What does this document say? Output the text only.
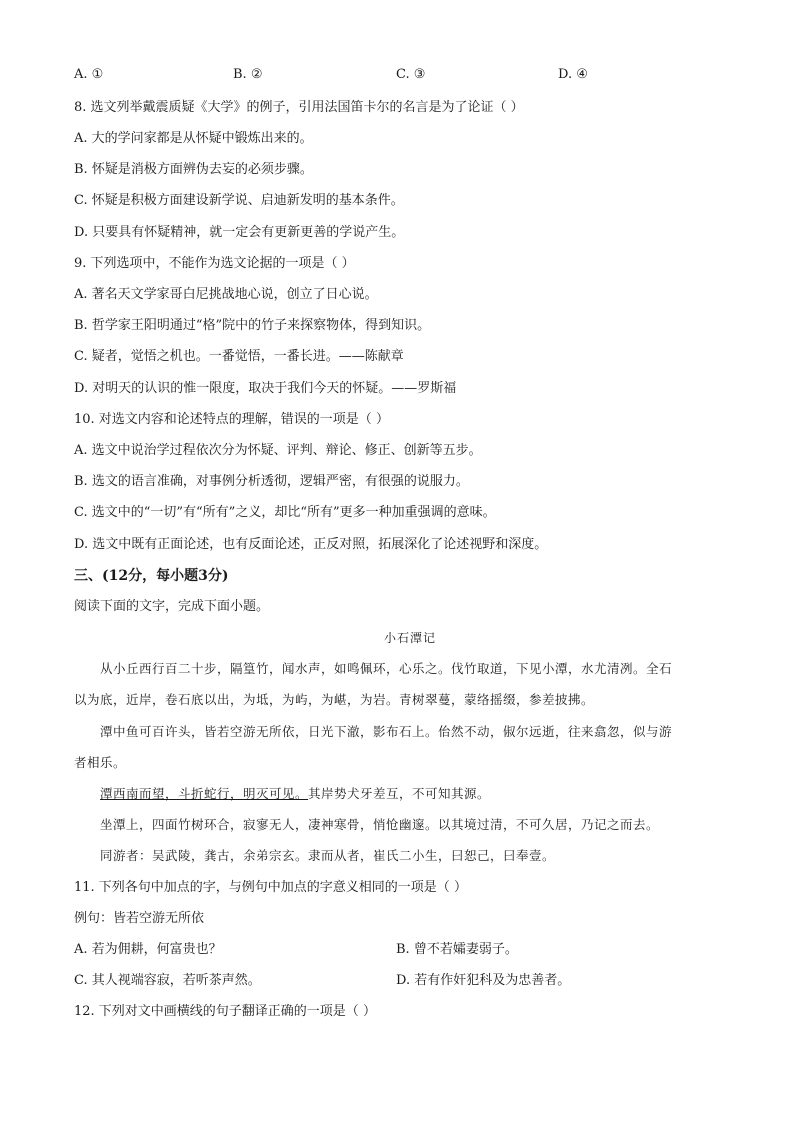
A. ①	B. ②	C. ③	D. ④
8. 选文列举戴震质疑《大学》的例子，引用法国笛卡尔的名言是为了论证（ ）
A. 大的学问家都是从怀疑中锻炼出来的。
B. 怀疑是消极方面辨伪去妄的必须步骤。
C. 怀疑是积极方面建设新学说、启迪新发明的基本条件。
D. 只要具有怀疑精神，就一定会有更新更善的学说产生。
9. 下列选项中，不能作为选文论据的一项是（ ）
A. 著名天文学家哥白尼挑战地心说，创立了日心说。
B. 哲学家王阳明通过“格”院中的竹子来探察物体，得到知识。
C. 疑者，觉悟之机也。一番觉悟，一番长进。——陈献章
D. 对明天的认识的惟一限度，取决于我们今天的怀疑。——罗斯福
10. 对选文内容和论述特点的理解，错误的一项是（ ）
A. 选文中说治学过程依次分为怀疑、评判、辩论、修正、创新等五步。
B. 选文的语言准确，对事例分析透彻，逻辑严密，有很强的说服力。
C. 选文中的“一切”有“所有”之义，却比“所有”更多一种加重强调的意味。
D. 选文中既有正面论述，也有反面论述，正反对照，拓展深化了论述视野和深度。
三、(12分，每小题3分)
阅读下面的文字，完成下面小题。
小石潭记
从小丘西行百二十步，隔篁竹，闻水声，如鸣佩环，心乐之。伐竹取道，下见小潭，水尤清冽。全石
以为底，近岸，卷石底以出，为坻，为屿，为嵁，为岩。青树翠蔓，蒙络摇缀，参差披拂。
潭中鱼可百许头，皆若空游无所依，日光下澈，影布石上。佁然不动，俶尔远逝，往来翕忽，似与游
者相乐。
潭西南而望，斗折蛇行，明灭可见。其岸势犬牙差互，不可知其源。
坐潭上，四面竹树环合，寂寥无人，凄神寒骨，悄怆幽邃。以其境过清，不可久居，乃记之而去。
同游者：吴武陵，龚古，余弟宗玄。隶而从者，崔氏二小生，曰恕己，曰奉壹。
11. 下列各句中加点的字，与例句中加点的字意义相同的一项是（ ）
例句：皆若空游无所依
A. 若为佣耕，何富贵也？	B. 曾不若孀妻弱子。
C. 其人视端容寂，若听茶声然。	D. 若有作奸犯科及为忠善者。
12. 下列对文中画横线的句子翻译正确的一项是（ ）
